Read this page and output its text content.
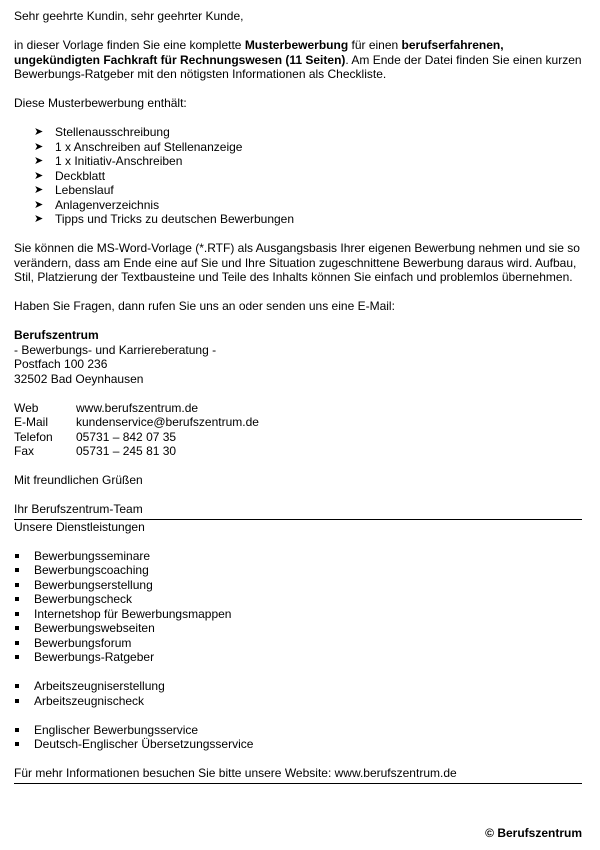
Sehr geehrte Kundin, sehr geehrter Kunde,

in dieser Vorlage finden Sie eine komplette Musterbewerbung für einen berufserfahrenen, ungekündigten Fachkraft für Rechnungswesen (11 Seiten). Am Ende der Datei finden Sie einen kurzen Bewerbungs-Ratgeber mit den nötigsten Informationen als Checkliste.

Diese Musterbewerbung enthält:

➤ Stellenausschreibung
➤ 1 x Anschreiben auf Stellenanzeige
➤ 1 x Initiativ-Anschreiben
➤ Deckblatt
➤ Lebenslauf
➤ Anlagenverzeichnis
➤ Tipps und Tricks zu deutschen Bewerbungen

Sie können die MS-Word-Vorlage (*.RTF) als Ausgangsbasis Ihrer eigenen Bewerbung nehmen und sie so verändern, dass am Ende eine auf Sie und Ihre Situation zugeschnittene Bewerbung daraus wird. Aufbau, Stil, Platzierung der Textbausteine und Teile des Inhalts können Sie einfach und problemlos übernehmen.

Haben Sie Fragen, dann rufen Sie uns an oder senden uns eine E-Mail:

Berufszentrum

- Bewerbungs- und Karriereberatung -

Postfach 100 236

32502 Bad Oeynhausen

Web	www.berufszentrum.de
E-Mail	kundenservice@berufszentrum.de
Telefon	05731 – 842 07 35
Fax	05731 – 245 81 30

Mit freundlichen Grüßen

Ihr Berufszentrum-Team

Unsere Dienstleistungen

Bewerbungsseminare
Bewerbungscoaching
Bewerbungserstellung
Bewerbungscheck
Internetshop für Bewerbungsmappen
Bewerbungswebseiten
Bewerbungsforum
Bewerbungs-Ratgeber
Arbeitszeugniserstellung
Arbeitszeugnischeck
Englischer Bewerbungsservice
Deutsch-Englischer Übersetzungsservice

Für mehr Informationen besuchen Sie bitte unsere Website: www.berufszentrum.de

© Berufszentrum
